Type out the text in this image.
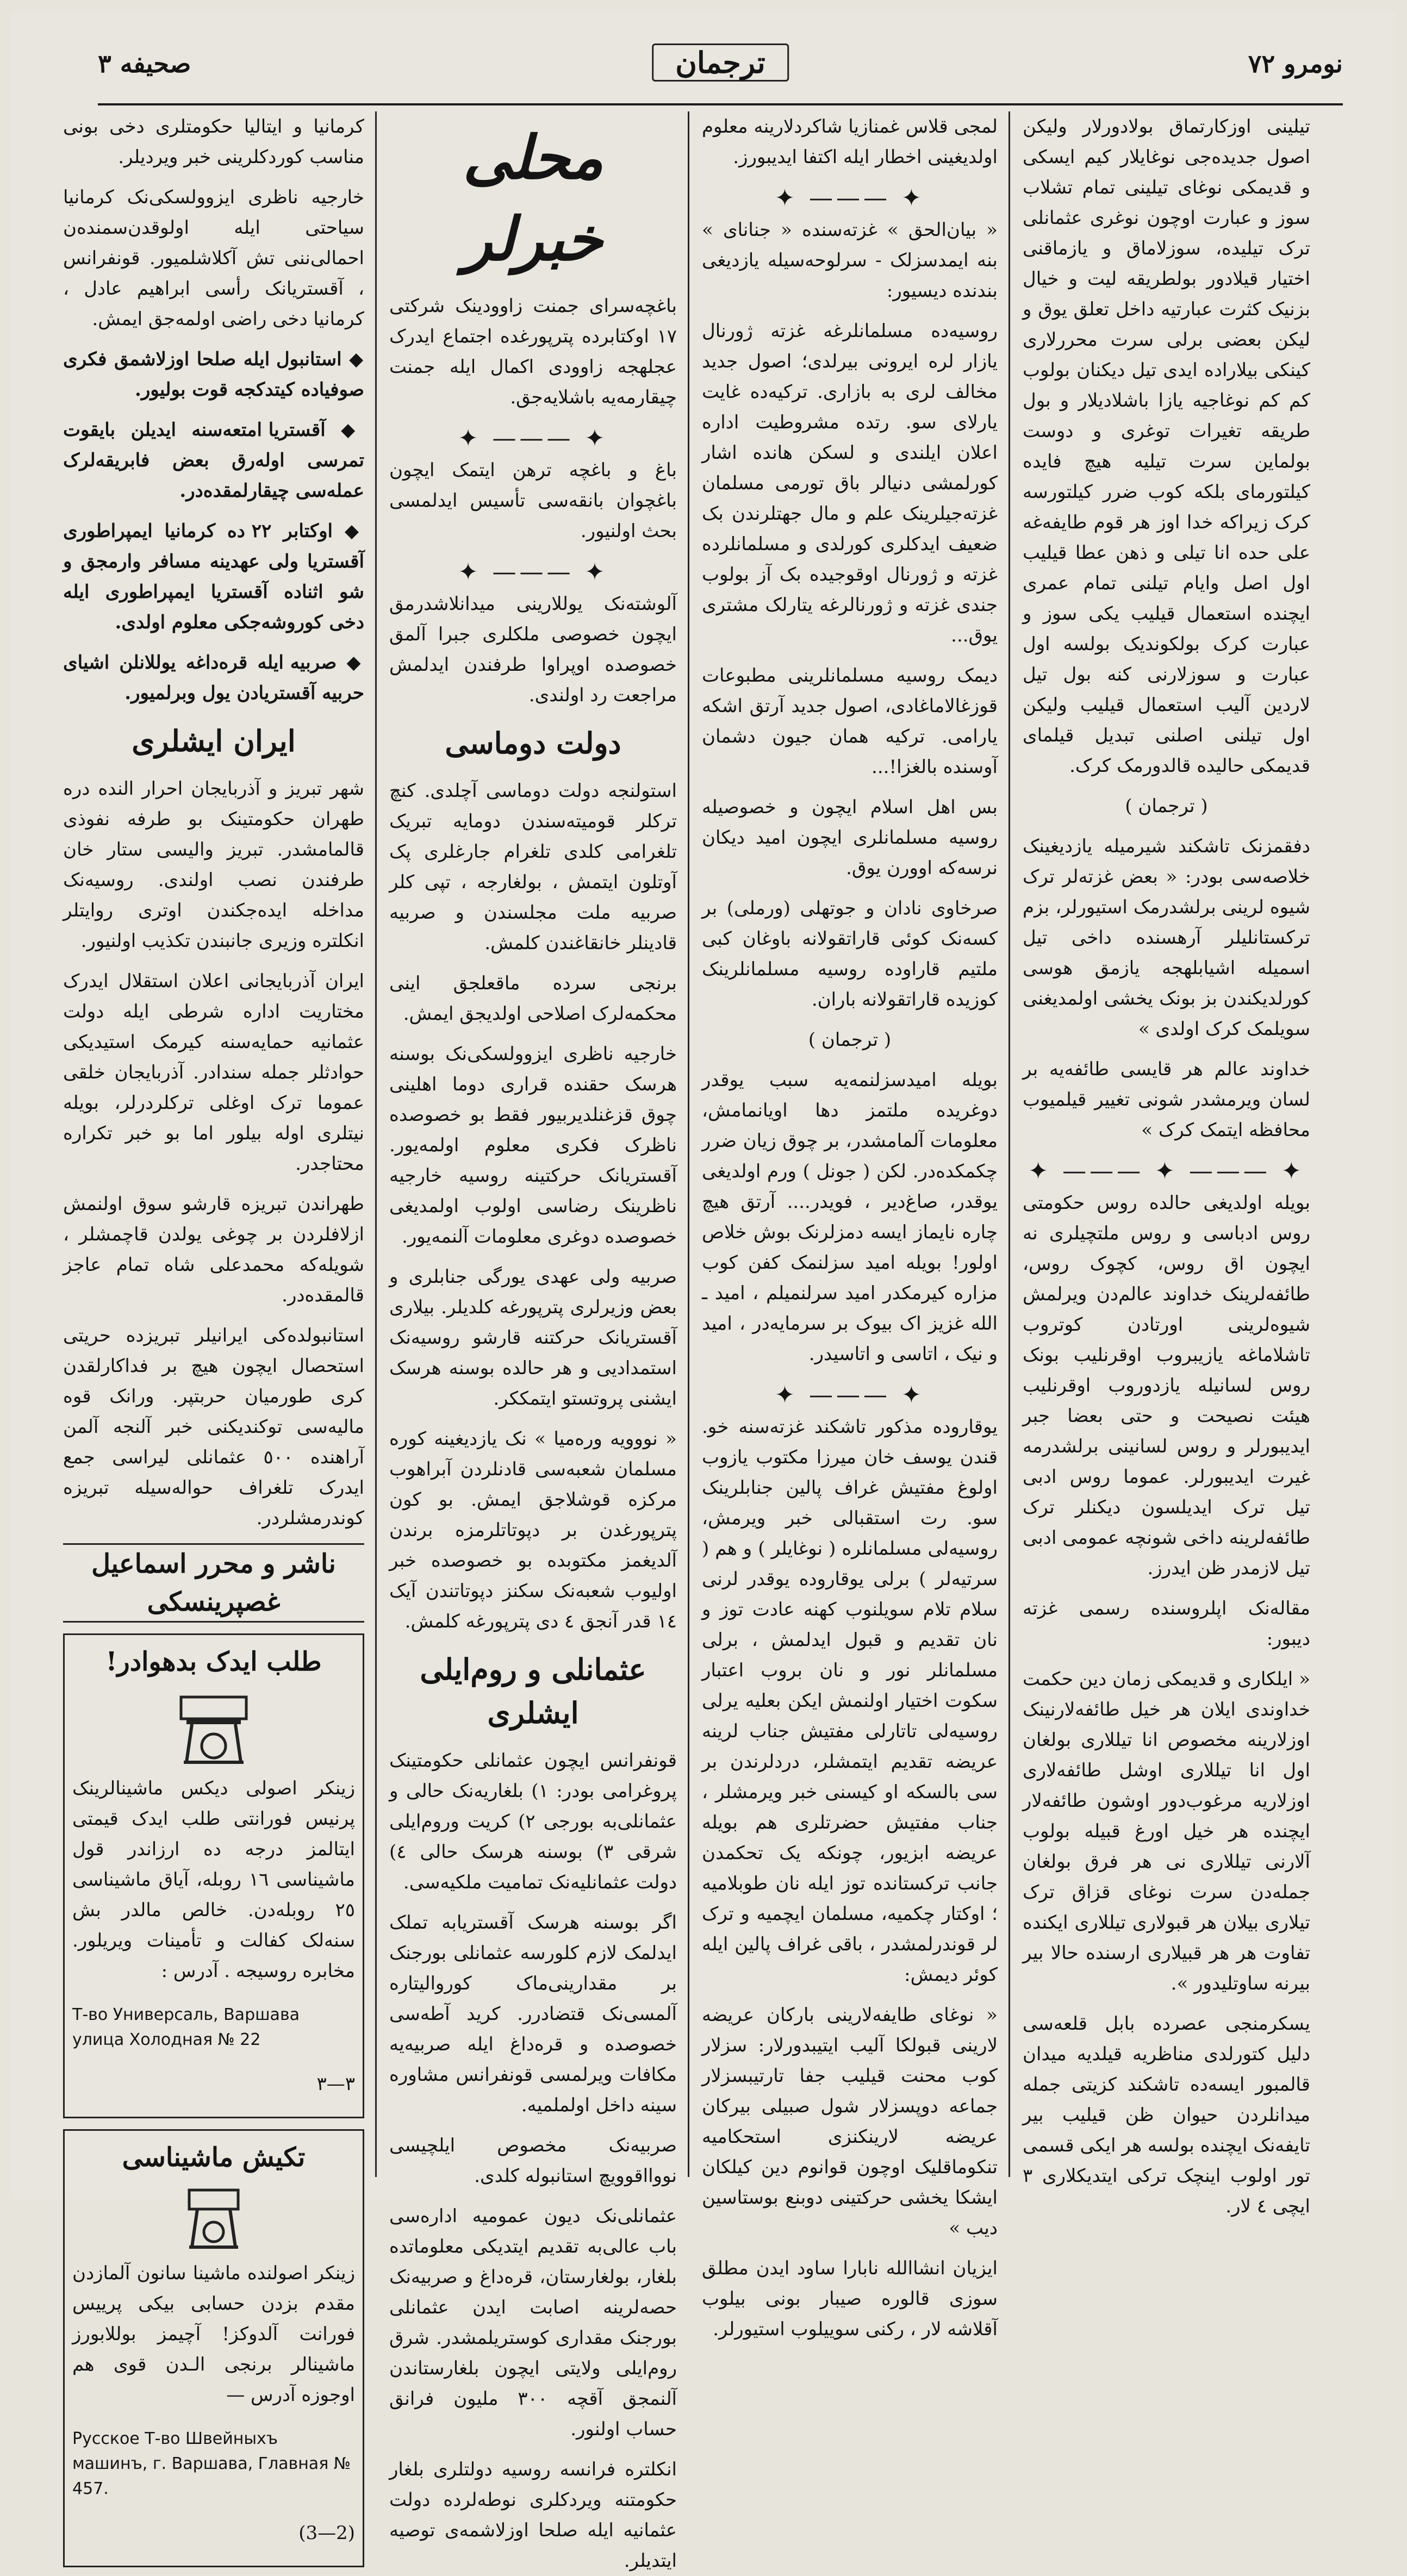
نومرو ٧٢
ترجمان
صحیفه ٣

تیلینی اوزکارتماق بولادورلار ولیکن اصول جدیده‌جی نوغایلار کیم ایسکی و قدیمکی نوغای تیلینی تمام تشلاب سوز و عبارت اوچون نوغری عثمانلی ترک تیلیده، سوزلاماق و یازماقنی اختیار قیلادور بولطریقه لیت و خیال بزنیک کثرت عبارتیه داخل تعلق یوق و لیکن بعضی برلی سرت محررلاری کینکی بیلاراده ایدی تیل دیکنان بولوب کم کم نوغاجیه یازا باشلادیلار و بول طریقه تغیرات توغری و دوست بولماین سرت تیلیه هیچ فایده کیلتورمای بلکه کوب ضرر کیلتورسه کرک زیراکه خدا اوز هر قوم طایفه‌غه علی حده انا تیلی و ذهن عطا قیلیب اول اصل وایام تیلنی تمام عمری ایچنده استعمال قیلیب یکی سوز و عبارت کرک بولکوندیک بولسه اول عبارت و سوزلارنی کنه بول تیل لاردین آلیب استعمال قیلیب ولیکن اول تیلنی اصلنی تبدیل قیلمای قدیمکی حالیده قالدورمک کرک.

( ترجمان )

دفقمزنک تاشکند شیرمیله یازدیغینک خلاصه‌سی بودر: « بعض غزته‌لر ترک شیوه لرینی برلشدرمک استیورلر، بزم ترکستانلیلر آرهسنده داخی تیل اسمیله اشیابلهجه یازمق هوسی کورلدیکندن بز بونک یخشی اولمدیغنی سویلمک کرک اولدی »

خداوند عالم هر قایسی طائفه‌یه بر لسان ویرمشدر شونی تغییر قیلمیوب محافظه ایتمک کرک »

✦ ——— ✦ ——— ✦

بویله اولدیغی حالده روس حکومتی روس ادباسی و روس ملتچیلری نه ایچون اق روس، کچوک روس، طائفه‌لرینک خداوند عالم‌دن ویرلمش شیوه‌لرینی اورتادن کوتروب تاشلاماغه یازیبروب اوقرنلیب بونک روس لسانیله یازدوروب اوقرنلیب هیئت نصیحت و حتی بعضا جبر ایدیبورلر و روس لسانینی برلشدرمه غیرت ایدیبورلر. عموما روس ادبی تیل ترک ایدیلسون دیکنلر ترک طائفه‌لرینه داخی شونچه عمومی ادبی تیل لازمدر ظن ایدرز.

مقاله‌نک اپلروسنده رسمی غزته دیبور:

« ایلکاری و قدیمکی زمان دین حکمت خداوندی ایلان هر خیل طائفه‌لارنینک اوزلارینه مخصوص انا تیللاری بولغان اول انا تیللاری اوشل طائفه‌لاری اوزلاریه مرغوب‌دور اوشون طائفه‌لار ایچنده هر خیل اورغ قبیله بولوب آلارنی تیللاری نی هر فرق بولغان جمله‌دن سرت نوغای قزاق ترک تیلاری بیلان هر قبولاری تیللاری ایکنده تفاوت هر هر قبیلاری ارسنده حالا بیر بیرنه ساوتلیدور ».

یسکرمنجی عصرده بابل قلعه‌سی دلیل کتورلدی مناظریه قیلدیه میدان قالمبور ایسه‌ده تاشکند کزیتی جمله میدانلردن حیوان ظن قیلیب بیر تایفه‌نک ایچنده بولسه هر ایکی قسمی تور اولوب اینچک ترکی ایتدیکلاری ٣ ایچی ٤ لار.

لمجی قلاس غمنازیا شاکردلارینه معلوم اولدیغینی اخطار ایله اکتفا ایدیبورز.

✦ ——— ✦

« بیان‌الحق » غزته‌سنده « جنانای » بنه ایمدسزلک - سرلوحه‌سیله یازدیغی بندنده دیسیور:

روسیه‌ده مسلمانلرغه غزته ژورنال یازار لره ایرونی بیرلدی؛ اصول جدید مخالف لری به بازاری. ترکیه‌ده غایت یارلای سو. رتده مشروطیت اداره اعلان ایلندی و لسکن هانده اشار کورلمشی دنیالر باق تورمی مسلمان غزته‌جیلرینک علم و مال جهتلرندن بک ضعیف ایدکلری کورلدی و مسلمانلرده غزته و ژورنال اوقوجیده بک آز بولوب جندی غزته و ژورنالرغه یتارلک مشتری یوق...

دیمک روسیه مسلمانلرینی مطبوعات قوزغالاماغادی، اصول جدید آرتق اشکه یارامی. ترکیه همان جیون دشمان آوسنده بالغزا!...

بس اهل اسلام ایچون و خصوصیله روسیه مسلمانلری ایچون امید دیکان نرسه‌که اوورن یوق.

صرخاوی نادان و جوتهلی (ورملی) بر کسه‌نک کوئی قاراتقولانه باوغان کبی ملتیم قاراوده روسیه مسلمانلرینک کوزیده قاراتقولانه باران.

( ترجمان )

بویله امیدسزلنمه‌یه سبب یوقدر دوغریده ملتمز دها اویانمامش، معلومات آلمامشدر، بر چوق زیان ضرر چکمکده‌در. لکن ( جونل ) ورم اولدیغی یوقدر، صاغ‌دیر ، فویدر.... آرتق هیچ چاره نایماز ایسه دمزلرنک بوش خلاص اولور! بویله امید سزلنمک کفن کوب مزاره کیرمکدر امید سرلنمیلم ، امید ـ الله غزیز اک بیوک بر سرمایه‌در ، امید و نیک ، اتاسی و اتاسیدر.

✦ ——— ✦

یوقاروده مذکور تاشکند غزته‌سنه خو. قندن یوسف خان میرزا مکتوب یازوب اولوغ مفتیش غراف پالین جنابلرینک سو. رت استقبالی خبر ویرمش، روسیه‌لی مسلمانلره ( نوغایلر ) و هم ( سرتیه‌لر ) برلی یوقاروده یوقدر لرنی سلام تلام سویلنوب کهنه عادت توز و نان تقدیم و قبول ایدلمش ، برلی مسلمانلر نور و نان بروب اعتبار سکوت اختیار اولنمش ایکن بعلیه یرلی روسیه‌لی تاتارلی مفتیش جناب لرینه عریضه تقدیم ایتمشلر، دردلرندن بر سی بالسکه او کیسنی خبر ویرمشلر ، جناب مفتیش حضرتلری هم بویله عریضه ابزیور، چونکه یک تحکمدن جانب ترکستانده توز ایله نان طوبلامیه ؛ اوکتار چکمیه، مسلمان ایچمیه و ترک لر قوندرلمشدر ، باقی غراف پالین ایله کوئر دیمش:

« نوغای طایفه‌لارینی بارکان عریضه لارینی قبولکا آلیب ایتیبدورلار: سزلار کوب محنت قیلیب جفا تارتیبسزلار جماعه دوپسزلار شول صبیلی بیرکان عریضه لارینکنزی استحکامیه تنکوماقلیک اوچون قوانوم دین کیلکان ایشکا یخشی حرکتینی دوبنع بوستاسین دیب »

ایزیان انشاالله نابارا ساود ایدن مطلق سوزی قالوره صیبار بونی بیلوب آقلاشه لار ، رکنی سوییلوب استیورلر.

محلی خبرلر

باغچه‌سرای جمنت زاوودینک شرکتی ١٧ اوکتابرده پترپورغده اجتماع ایدرک عجلهجه زاوودی اکمال ایله جمنت چیقارمه‌یه باشلایه‌جق.

✦ ——— ✦

باغ و باغچه ترهن ایتمک ایچون باغچوان بانقه‌سی تأسیس ایدلمسی بحث اولنیور.

✦ ——— ✦

آلوشته‌نک یوللارینی میدانلاشدرمق ایچون خصوصی ملکلری جبرا آلمق خصوصده اوپراوا طرفندن ایدلمش مراجعت رد اولندی.

دولت دوماسی

استولنجه دولت دوماسی آچلدی. کنچ ترکلر قومیته‌سندن دومایه تبریک تلغرامی کلدی تلغرام جارغلری پک آوتلون ایتمش ، بولغارجه ، تپی کلر صربیه ملت مجلسندن و صربیه قادینلر خانقاغندن کلمش.

برنجی سرده ماقعلجق اینی محکمه‌لرک اصلاحی اولدیجق ایمش.

خارجیه ناظری ایزوولسکی‌نک بوسنه هرسک حقنده قراری دوما اهلینی چوق قزغنلدیر‌بیور فقط بو خصوصده ناظرک فکری معلوم اولمه‌یور. آقستریانک حرکتینه روسیه خارجیه ناظرینک رضاسی اولوب اولمدیغی خصوصده دوغری معلومات آلنمه‌یور.

صربیه ولی عهدی یورگی جنابلری و بعض وزیرلری پترپورغه کلدیلر. بیلارى آقستریانک حرکتنه قارشو روسیه‌نک استمدادیی و هر حالده بوسنه هرسک ایشنی پروتستو ایتمککر.

« نووویه وره‌میا » نک یازدیغینه کوره مسلمان شعبه‌سی قادنلردن آبراهوب مرکزه قوشلاجق ایمش. بو کون پترپورغدن بر دپوتاتلرمزه برندن آلدیغمز مکتوبده بو خصوصده خبر اولیوب شعبه‌نک سکنز دپوتاتندن آیک ١٤ قدر آنجق ٤ دی پترپورغه کلمش.

عثمانلی و روم‌ایلی ایشلری

قونفرانس ایچون عثمانلی حکومتینک پروغرامی بودر: ١) بلغاریه‌نک حالی و عثمانلی‌به بورجی ٢) کریت وروم‌ایلی شرقی ٣) بوسنه هرسک حالی ٤) دولت عثمانلیه‌نک تمامیت ملکیه‌سی.

اگر بوسنه هرسک آقستریابه تملک ایدلمک لازم کلورسه عثمانلی بورجنک بر مقدارینی‌ماک کوروالیتاره آلمسی‌نک قتضادرر. کرید آطه‌سی خصوصده و قره‌داغ ایله صربیه‌یه مکافات ویرلمسی قونفرانس مشاوره سینه داخل اولملمیه.

صربیه‌نک مخصوص ایلچیسی نووااقوویچ استانبوله کلدی.

عثمانلی‌نک دیون عمومیه اداره‌سی باب عالی‌به تقدیم ایتدیکی معلوماتده بلغار، بولغارستان، قره‌داغ و صربیه‌نک حصه‌لرینه اصابت ایدن عثمانلی بورجنک مقداری کوستریلمشدر. شرق روم‌ایلی ولایتی ایچون بلغارستاندن آلنمجق آقچه ٣٠٠ ملیون فرانق حساب اولنور.

انکلتره فرانسه روسیه دولتلری بلغار حکومتنه ویردکلری نوطه‌لرده دولت عثمانیه ایله صلحا اوزلاشمه‌ی توصیه ایتدیلر.

کرمانیا و ایتالیا حکومتلری دخی بونی مناسب کوردکلرینی خبر ویردیلر.

خارجیه ناظری ایزوولسکی‌نک کرمانیا سیاحتی ایله اولوقدن‌سمنده‌ن احمالی‌ننی تش آکلاشلمیور. قونفرانس ، آقستریانک رأسی ابراهیم عادل ، کرمانیا دخی راضی اولمه‌جق ایمش.

◆ استانبول ایله صلحا اوزلاشمق فکری صوفیاده کیتدکجه قوت بولیور.

◆ آقستریا امتعه‌سنه ایدیلن بایقوت تمرسی اولەرق بعض فابریقه‌لرک عمله‌سی چیقارلمقده‌در.

◆ اوکتابر ٢٢ ده کرمانیا ایمپراطوری آقستریا ولی عهدینه مسافر وارمجق و شو اثناده آقستریا ایمپراطوری ایله دخی کوروشه‌جکی معلوم اولدی.

◆ صربیه ایله قره‌داغه یوللانلن اشیای حربیه آقستریادن یول وبرلمیور.

ایران ایشلری

شهر تبریز و آذربایجان احرار النده دره طهران حکومتینک بو طرفه نفوذی قالمامشدر. تبریز والیسی ستار خان طرفندن نصب اولندی. روسیه‌نک مداخله ایده‌جکندن اوتری روایتلر انکلتره وزیری جانبندن تکذیب اولنیور.

ایران آذربایجانی اعلان استقلال ایدرک مختاریت اداره شرطی ایله دولت عثمانیه حمایه‌سنه کیرمک استیدیکی حوادثلر جمله سندادر. آذربایجان خلقی عموما ترک اوغلی ترکلردرلر، بویله نیتلری اوله بیلور اما بو خبر تکراره محتاجدر.

طهراندن تبریزه قارشو سوق اولنمش ازلافلردن بر چوغی یولدن قاچمشلر ، شویله‌که محمدعلی شاه تمام عاجز قالمقده‌در.

استانبولده‌کی ایرانیلر تبریزده حریتی استحصال ایچون هیچ بر فداکارلقدن کری طورمیان حربتپر. ورانک قوه مالیه‌سی توکندیکنی خبر آلنجه آلمن آراهنده ٥٠٠ عثمانلی لیراسی جمع ایدرک تلغراف حواله‌سیله تبریزه کوندرمشلردر.

ناشر و محرر اسماعیل غصپرینسکی
طلب ایدک بدهوادر!

زینکر اصولی دیکس ماشینالرینک پرنیس فورانتی طلب ایدک قیمتی ایتالمز درجه ده ارزاندر قول ماشیناسی ١٦ روبله، آیاق ماشیناسی ٢٥ روبله‌دن. خالص مالدر بش سنه‌لک کفالت و تأمینات ویریلور. مخابره روسیجه . آدرس :

Т-во Универсаль, Варшава улица Холодная № 22

٣—٣

تکیش ماشیناسی

زینکر اصولنده ماشینا سانون آلمازدن مقدم بزدن حسابی بیکی پرییس فورانت آلدوکز! آچیمز بوللابورز ماشینالر برنجی الـدن قوی هم اوجوزه آدرس —

Русское Т-во Швейныхъ машинъ, г. Варшава, Главная № 457.

(2—3)
